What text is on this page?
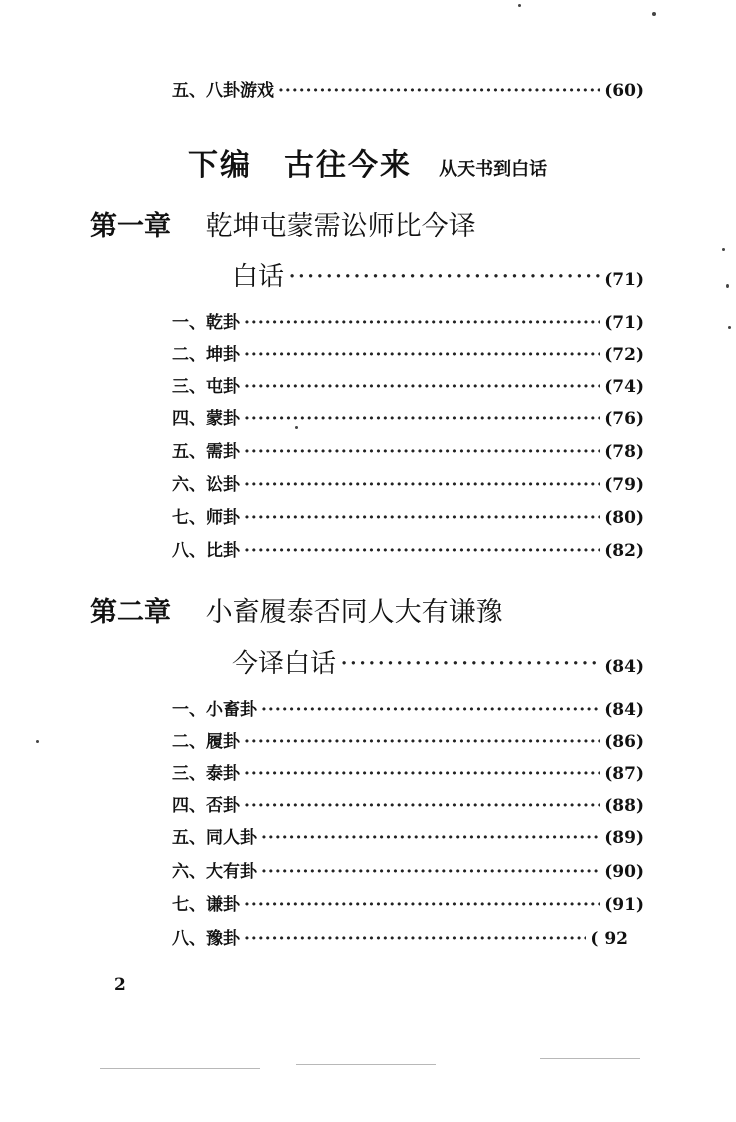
五、八卦游戏 ·····	(60)
下编　古往今来 从天书到白话
第一章 乾坤屯蒙需讼师比今译
白话 ·····	(71)
一、乾卦 ·····	(71)
二、坤卦 ·····	(72)
三、屯卦 ·····	(74)
四、蒙卦 ·····	(76)
五、需卦 ·····	(78)
六、讼卦 ·····	(79)
七、师卦 ·····	(80)
八、比卦 ·····	(82)
第二章 小畜履泰否同人大有谦豫
今译白话 ·····	(84)
一、小畜卦 ·····	(84)
二、履卦 ·····	(86)
三、泰卦 ·····	(87)
四、否卦 ·····	(88)
五、同人卦 ·····	(89)
六、大有卦 ·····	(90)
七、谦卦 ·····	(91)
八、豫卦 ·····	( 92
2
